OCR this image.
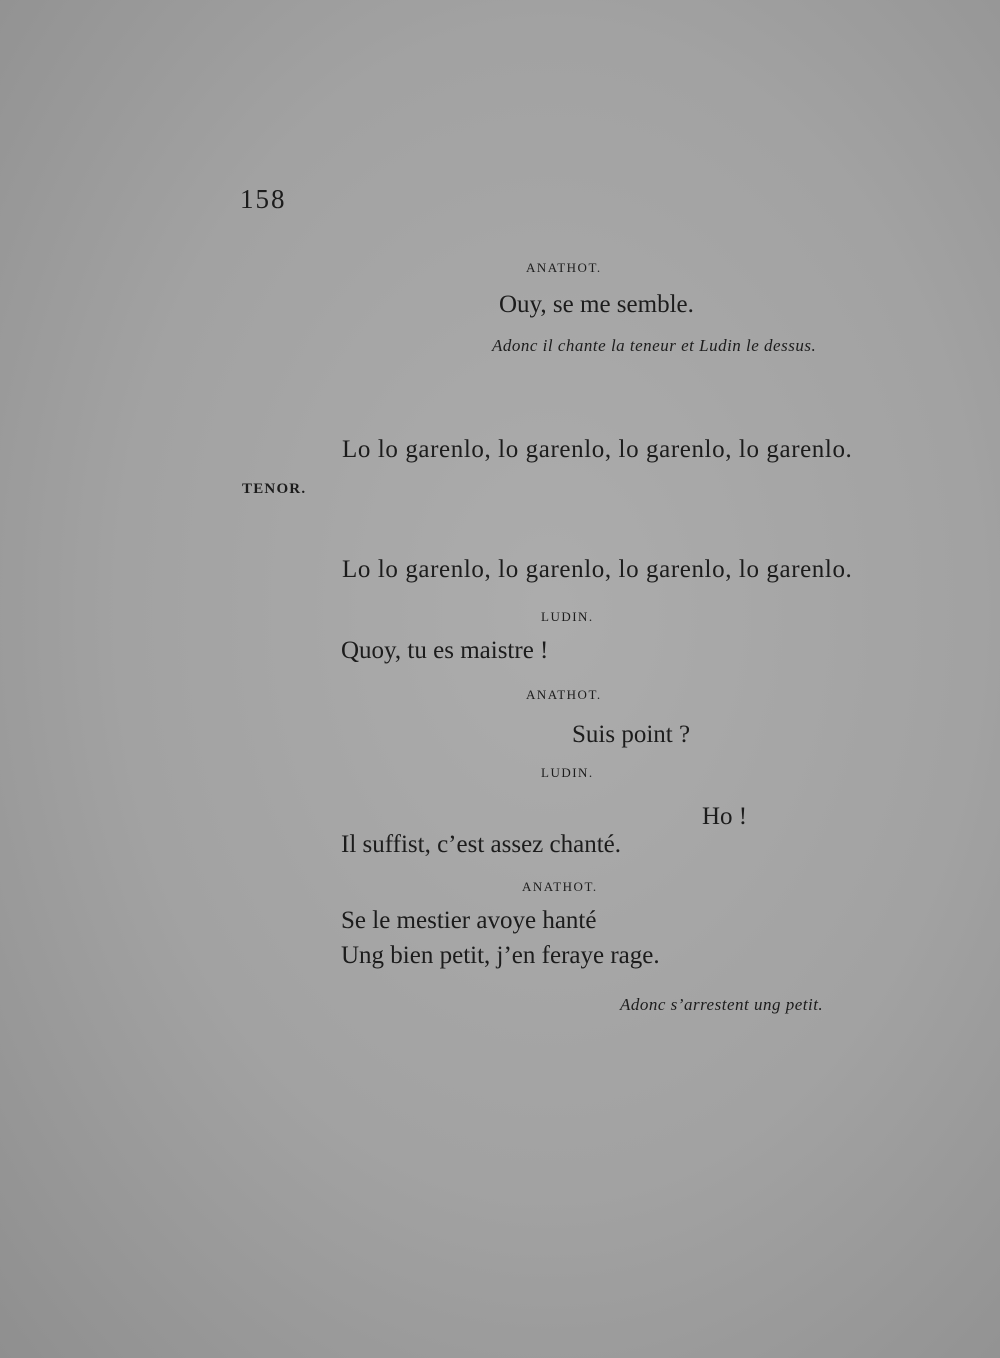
158
ANATHOT.
Ouy, se me semble.
Adonc il chante la teneur et Ludin le dessus.
Lo lo garenlo, lo garenlo, lo garenlo, lo garenlo.
TENOR.
Lo lo garenlo, lo garenlo, lo garenlo, lo garenlo.
LUDIN.
Quoy, tu es maistre !
ANATHOT.
Suis point ?
LUDIN.
Ho !
Il suffist, c’est assez chanté.
ANATHOT.
Se le mestier avoye hanté
Ung bien petit, j’en feraye rage.
Adonc s’arrestent ung petit.
